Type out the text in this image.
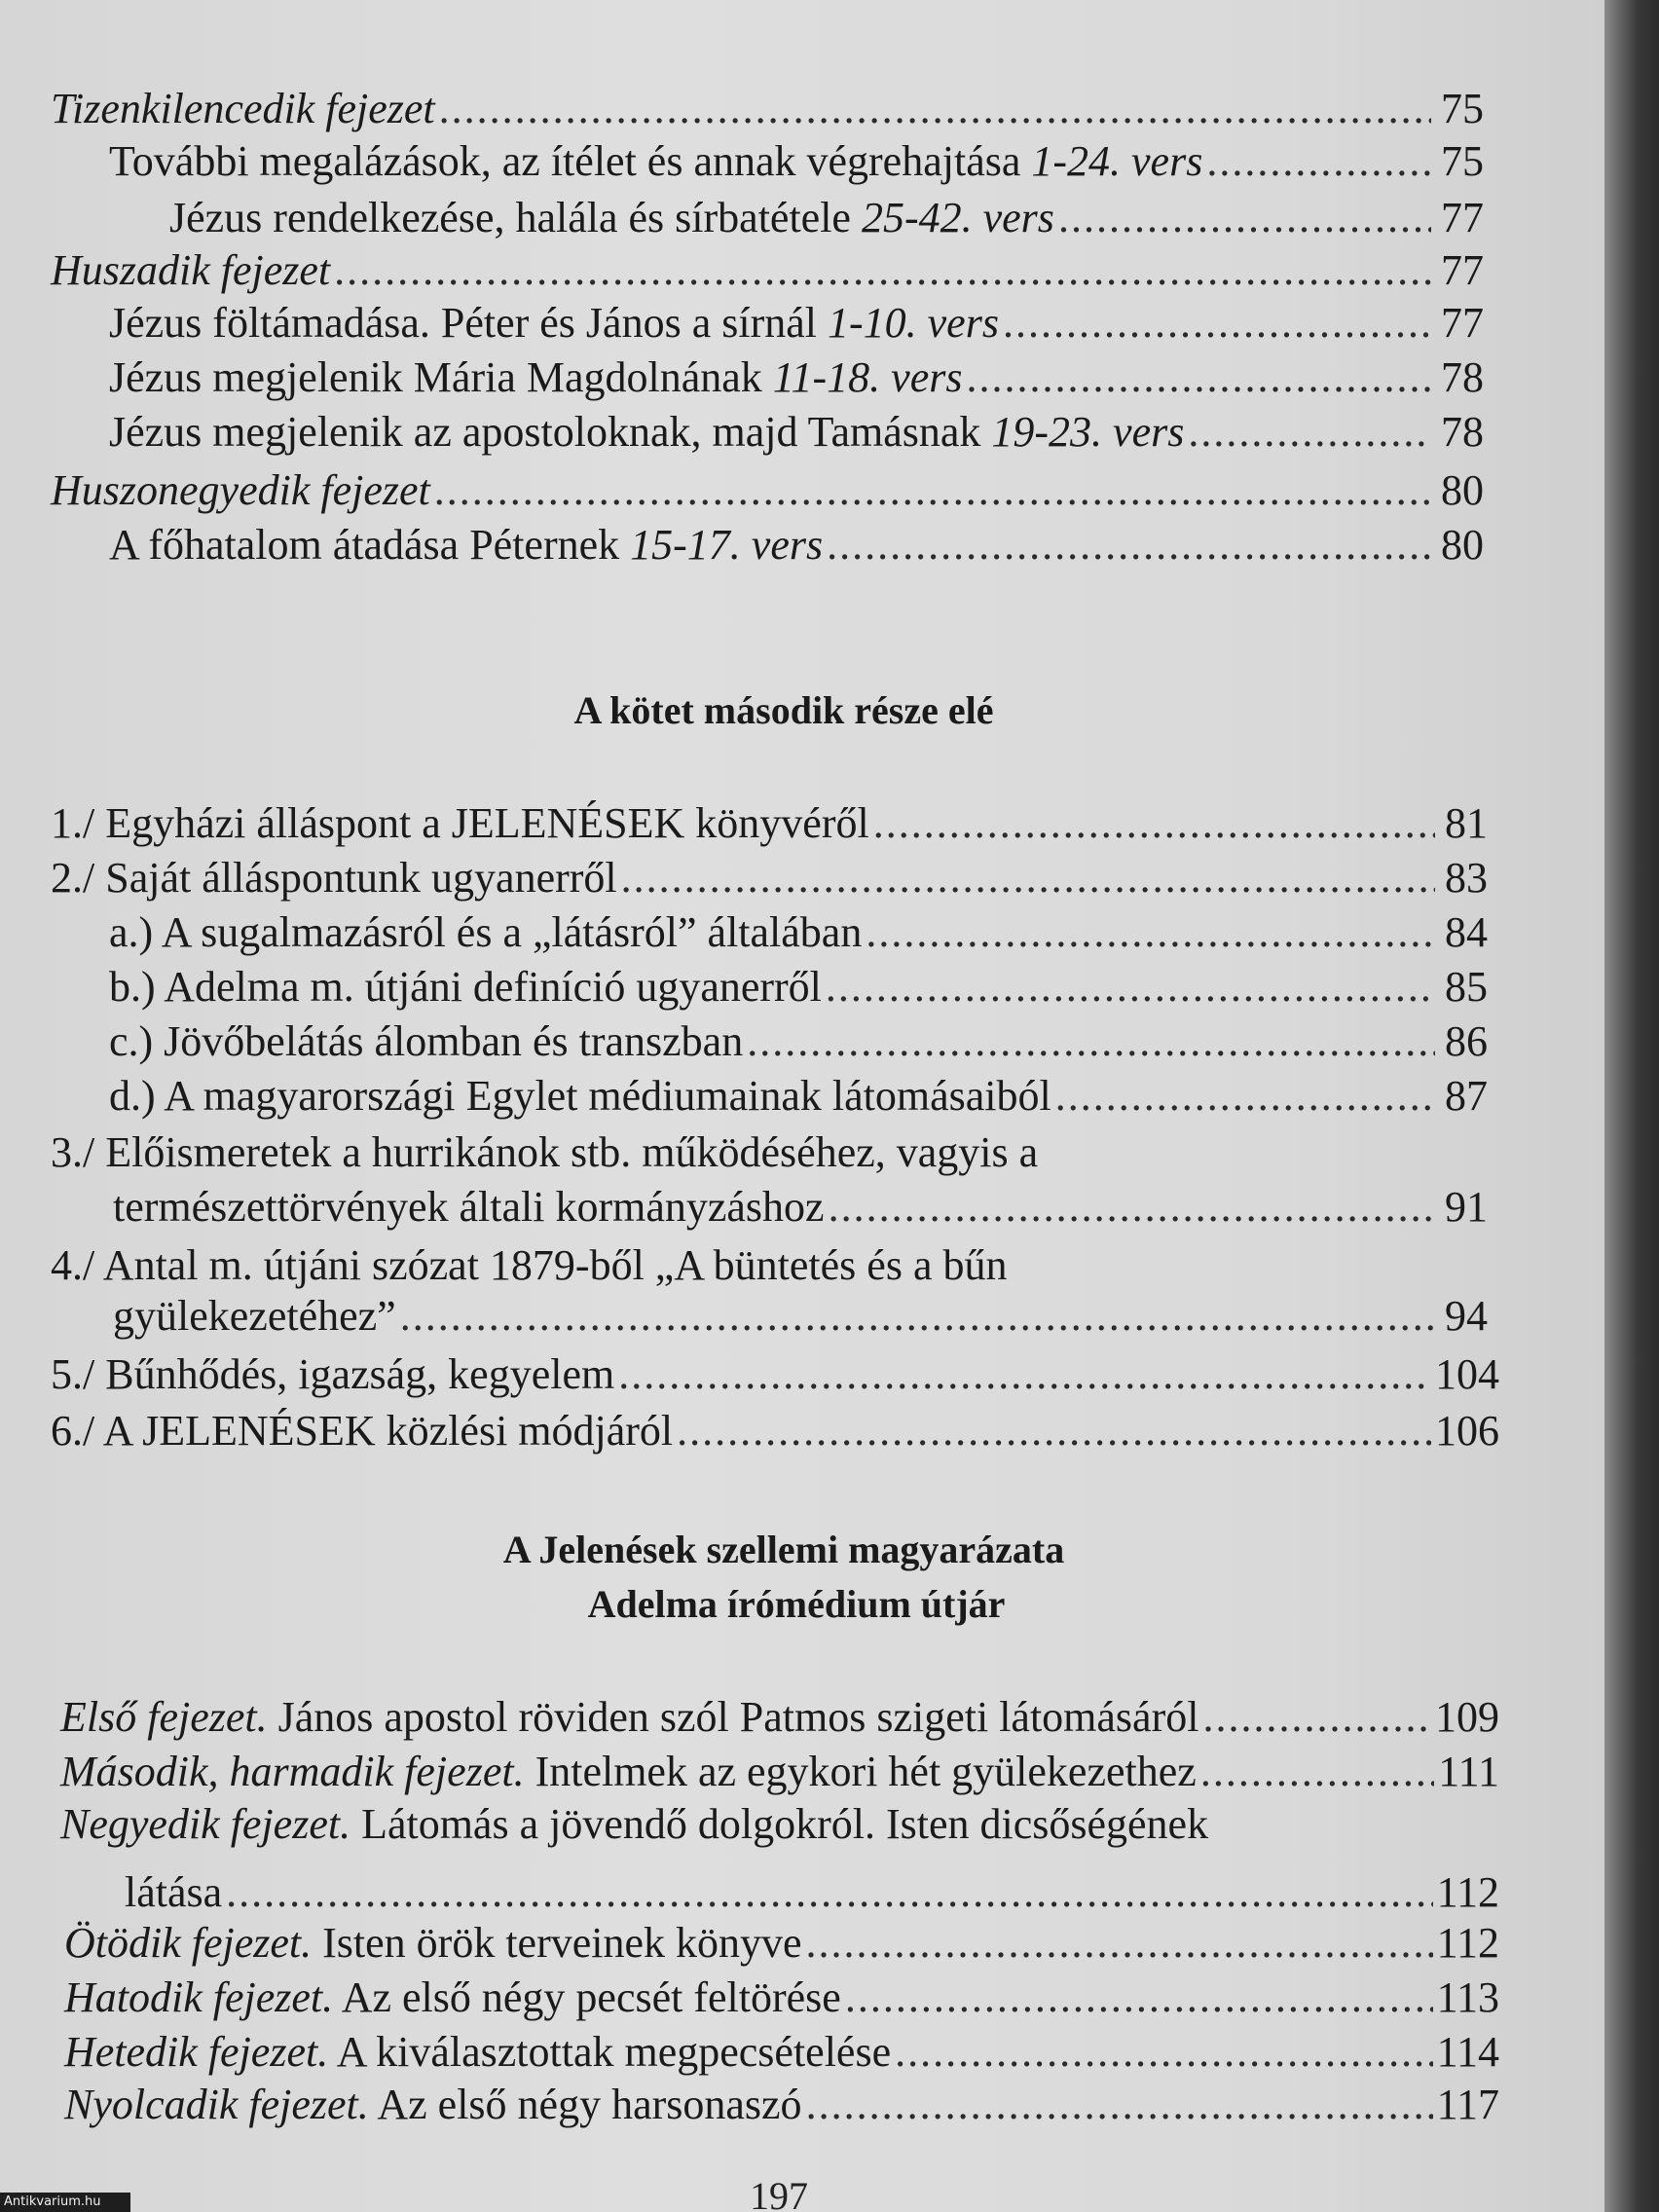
Tizenkilencedik fejezet .....	75
További megalázások, az ítélet és annak végrehajtása 1-24. vers .....	75
Jézus rendelkezése, halála és sírbatétele 25-42. vers .....	77
Huszadik fejezet .....	77
Jézus föltámadása. Péter és János a sírnál 1-10. vers .....	77
Jézus megjelenik Mária Magdolnának 11-18. vers .....	78
Jézus megjelenik az apostoloknak, majd Tamásnak 19-23. vers .....	78
Huszonegyedik fejezet .....	80
A főhatalom átadása Péternek 15-17. vers .....	80
A kötet második része elé
1./ Egyházi álláspont a JELENÉSEK könyvéről .....	81
2./ Saját álláspontunk ugyanerről .....	83
a.) A sugalmazásról és a „látásról” általában .....	84
b.) Adelma m. útjáni definíció ugyanerről .....	85
c.) Jövőbelátás álomban és transzban .....	86
d.) A magyarországi Egylet médiumainak látomásaiból .....	87
3./ Előismeretek a hurrikánok stb. működéséhez, vagyis a
természettörvények általi kormányzáshoz .....	91
4./ Antal m. útjáni szózat 1879-ből „A büntetés és a bűn
gyülekezetéhez” .....	94
5./ Bűnhődés, igazság, kegyelem .....	104
6./ A JELENÉSEK közlési módjáról .....	106
A Jelenések szellemi magyarázata
Adelma írómédium útjár
Első fejezet. János apostol röviden szól Patmos szigeti látomásáról .....	109
Második, harmadik fejezet. Intelmek az egykori hét gyülekezethez .....	111
Negyedik fejezet. Látomás a jövendő dolgokról. Isten dicsőségének
látása .....	112
Ötödik fejezet. Isten örök terveinek könyve .....	112
Hatodik fejezet. Az első négy pecsét feltörése .....	113
Hetedik fejezet. A kiválasztottak megpecsételése .....	114
Nyolcadik fejezet. Az első négy harsonaszó .....	117
197
Antikvarium.hu
